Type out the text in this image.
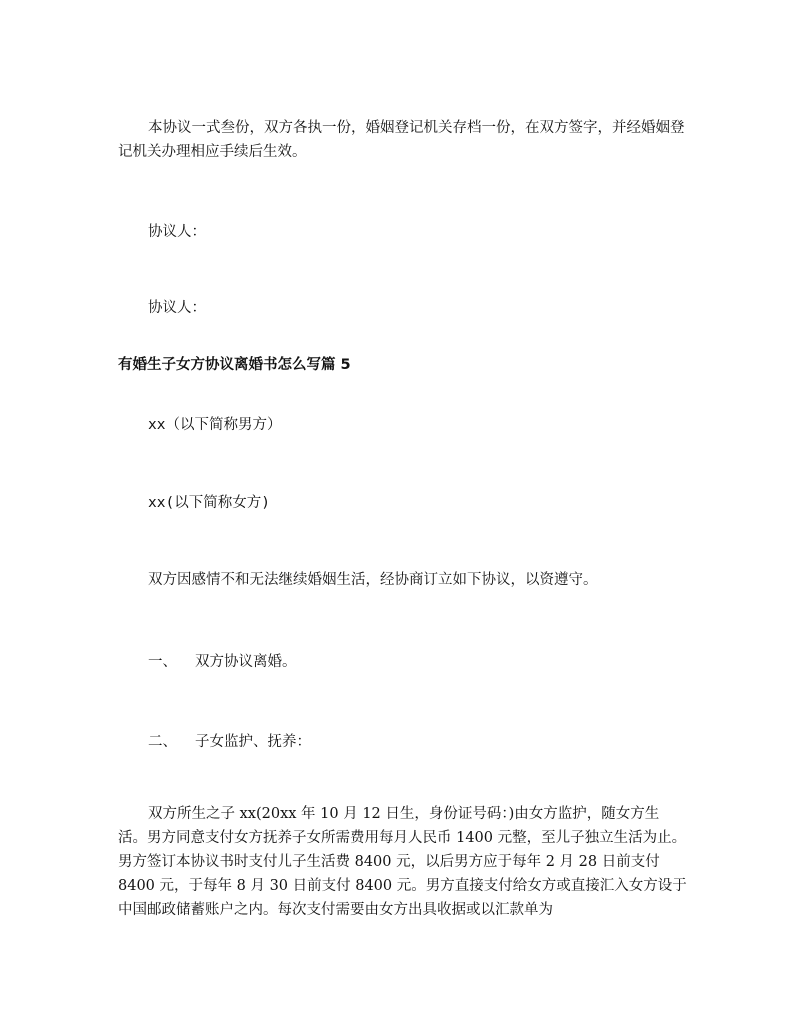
本协议一式叁份，双方各执一份，婚姻登记机关存档一份，在双方签字，并经婚姻登记机关办理相应手续后生效。

协议人：

协议人：

有婚生子女方协议离婚书怎么写篇 5

xx（以下简称男方）

xx(以下简称女方)

双方因感情不和无法继续婚姻生活，经协商订立如下协议，以资遵守。

一、 双方协议离婚。

二、 子女监护、抚养：

双方所生之子 xx(20xx 年 10 月 12 日生，身份证号码：)由女方监护，随女方生活。男方同意支付女方抚养子女所需费用每月人民币 1400 元整，至儿子独立生活为止。男方签订本协议书时支付儿子生活费 8400 元，以后男方应于每年 2 月 28 日前支付 8400 元，于每年 8 月 30 日前支付 8400 元。男方直接支付给女方或直接汇入女方设于中国邮政储蓄账户之内。每次支付需要由女方出具收据或以汇款单为
